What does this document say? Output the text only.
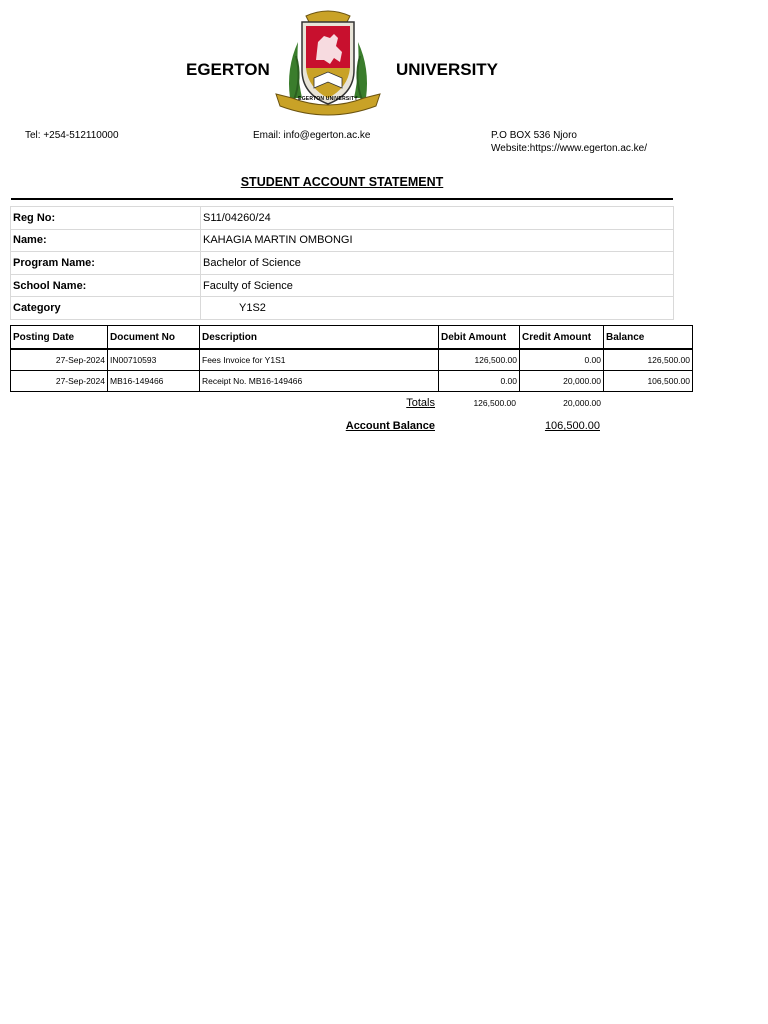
EGERTON
EGERTON UNIVERSITY
UNIVERSITY
Tel: +254-512110000	Email: info@egerton.ac.ke	P.O BOX 536 Njoro
Website:https://www.egerton.ac.ke/
STUDENT ACCOUNT STATEMENT
Reg No:	S11/04260/24
Name:	KAHAGIA MARTIN OMBONGI
Program Name:	Bachelor of Science
School Name:	Faculty of Science
Category	Y1S2
Posting Date	Document No	Description	Debit Amount	Credit Amount	Balance
27-Sep-2024	IN00710593	Fees Invoice for Y1S1	126,500.00	0.00	126,500.00
27-Sep-2024	MB16-149466	Receipt No. MB16-149466	0.00	20,000.00	106,500.00
Totals	126,500.00	20,000.00
Account Balance	106,500.00
